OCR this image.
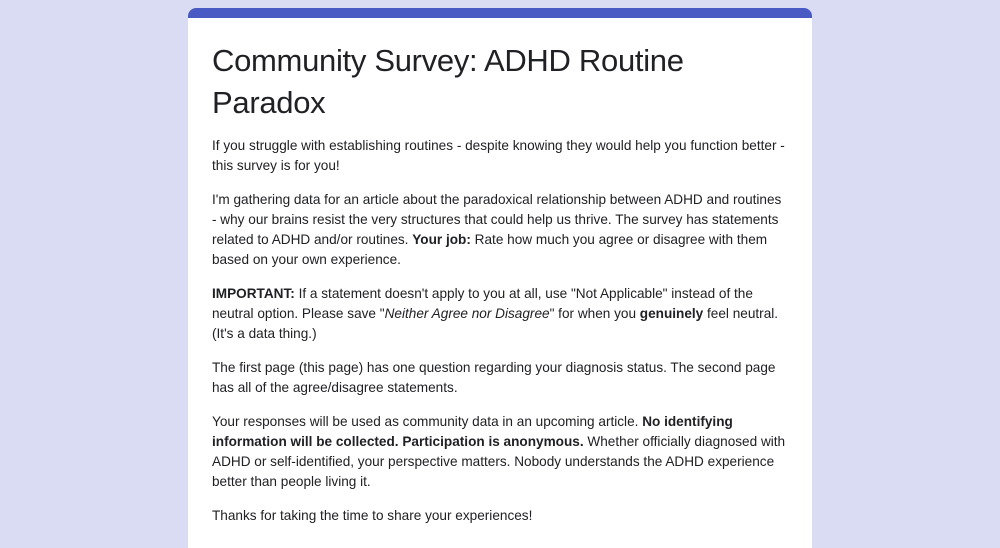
Community Survey: ADHD Routine Paradox

If you struggle with establishing routines - despite knowing they would help you function better - this survey is for you!

I'm gathering data for an article about the paradoxical relationship between ADHD and routines - why our brains resist the very structures that could help us thrive. The survey has statements related to ADHD and/or routines. Your job: Rate how much you agree or disagree with them based on your own experience.

IMPORTANT: If a statement doesn't apply to you at all, use "Not Applicable" instead of the neutral option. Please save "Neither Agree nor Disagree" for when you genuinely feel neutral. (It's a data thing.)

The first page (this page) has one question regarding your diagnosis status. The second page has all of the agree/disagree statements.

Your responses will be used as community data in an upcoming article. No identifying information will be collected. Participation is anonymous. Whether officially diagnosed with ADHD or self-identified, your perspective matters. Nobody understands the ADHD experience better than people living it.

Thanks for taking the time to share your experiences!
